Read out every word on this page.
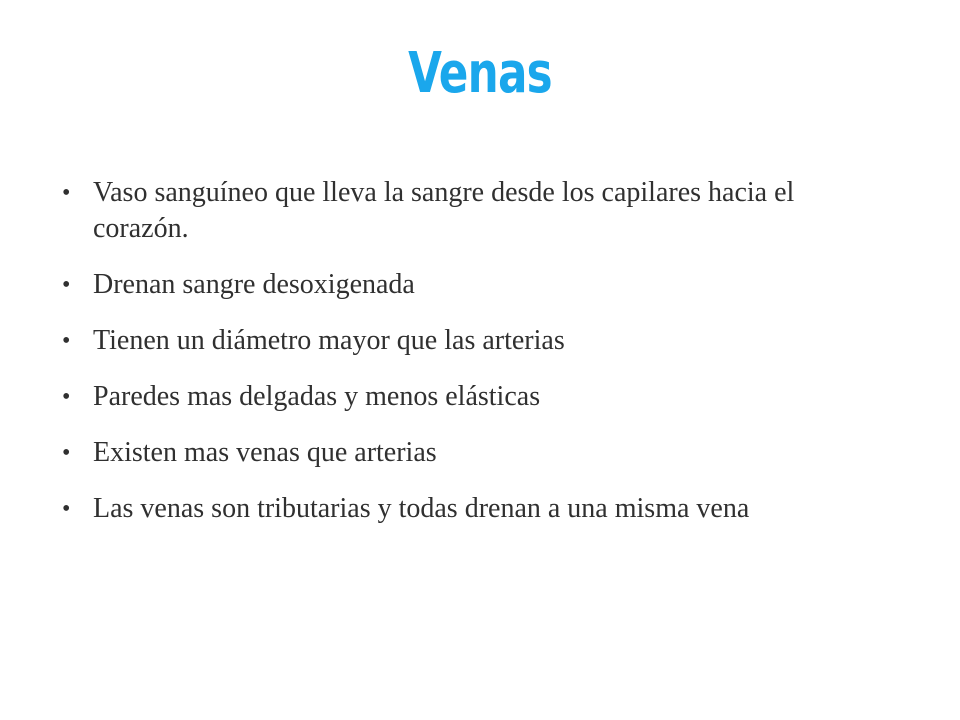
Venas
• Vaso sanguíneo que lleva la sangre desde los capilares hacia el corazón.
• Drenan sangre desoxigenada
• Tienen un diámetro mayor que las arterias
• Paredes mas delgadas y menos elásticas
• Existen mas venas que arterias
• Las venas son tributarias y todas drenan a una misma vena
